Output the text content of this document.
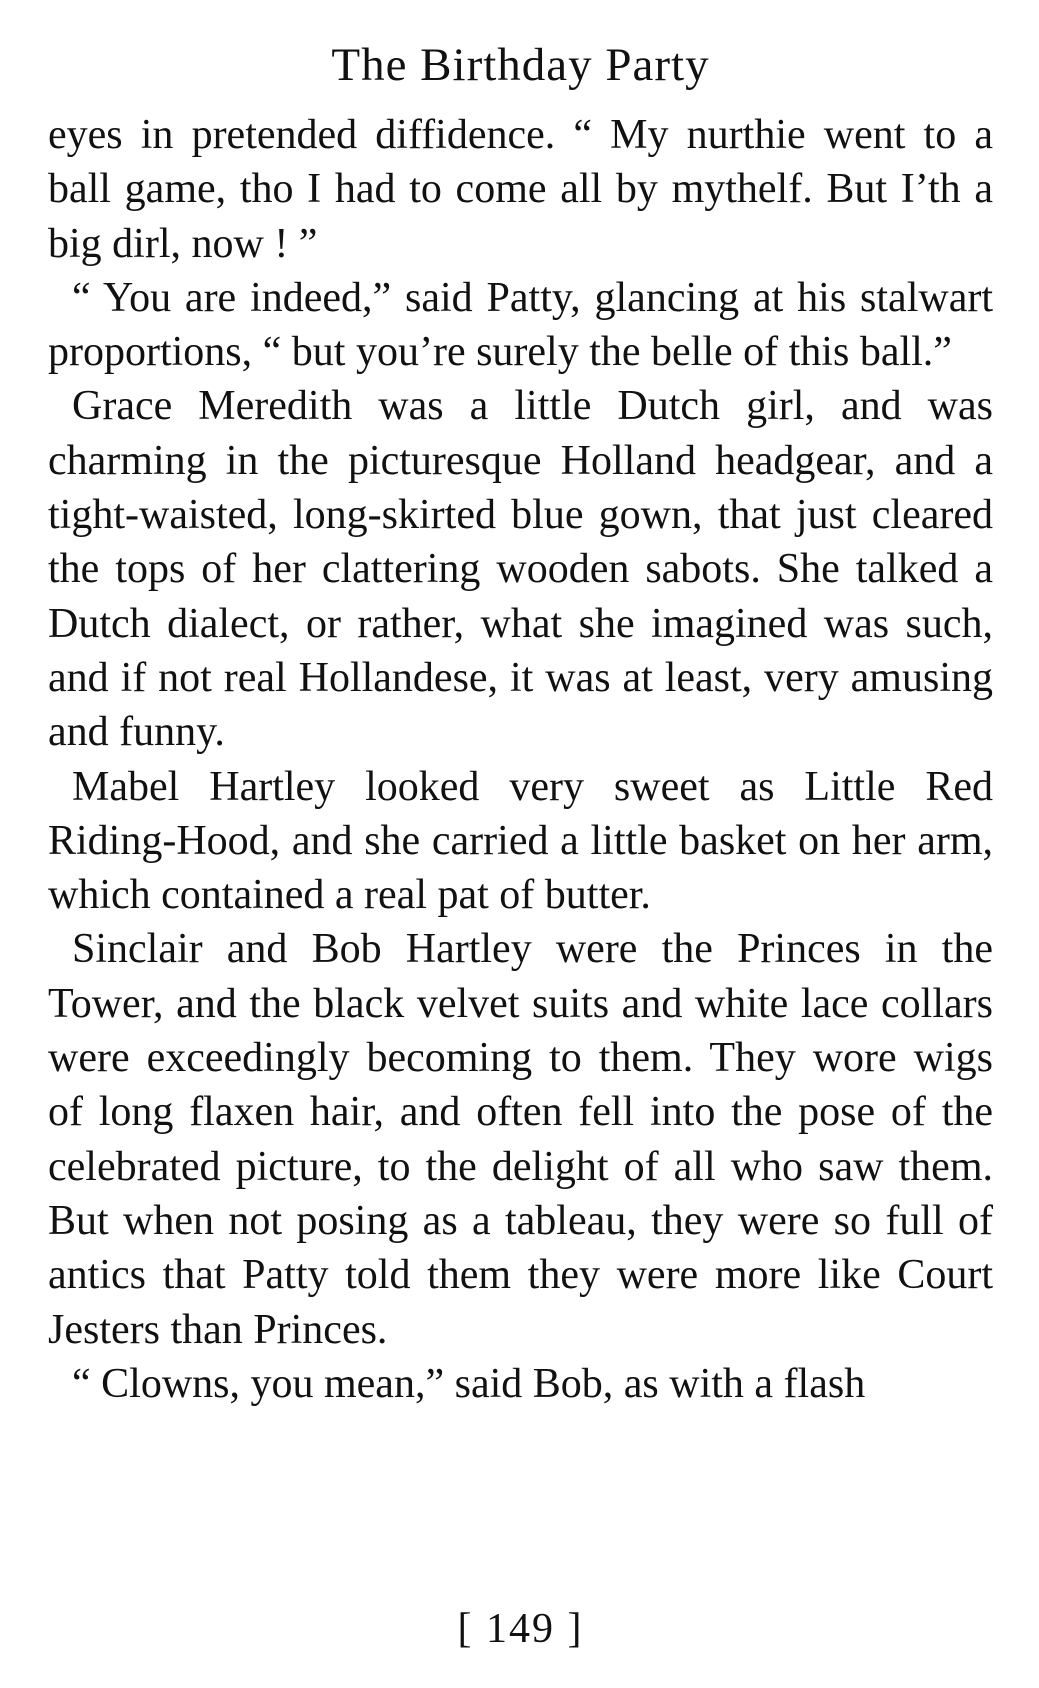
The Birthday Party

eyes in pretended diffidence. “ My nurthie went to a ball game, tho I had to come all by mythelf. But I’th a big dirl, now ! ”

“ You are indeed,” said Patty, glancing at his stalwart proportions, “ but you’re surely the belle of this ball.”

Grace Meredith was a little Dutch girl, and was charming in the picturesque Holland headgear, and a tight-waisted, long-skirted blue gown, that just cleared the tops of her clattering wooden sabots. She talked a Dutch dialect, or rather, what she imagined was such, and if not real Hollandese, it was at least, very amusing and funny.

Mabel Hartley looked very sweet as Little Red Riding-Hood, and she carried a little basket on her arm, which contained a real pat of butter.

Sinclair and Bob Hartley were the Princes in the Tower, and the black velvet suits and white lace collars were exceedingly becoming to them. They wore wigs of long flaxen hair, and often fell into the pose of the celebrated picture, to the delight of all who saw them. But when not posing as a tableau, they were so full of antics that Patty told them they were more like Court Jesters than Princes.

“ Clowns, you mean,” said Bob, as with a flash

[ 149 ]
